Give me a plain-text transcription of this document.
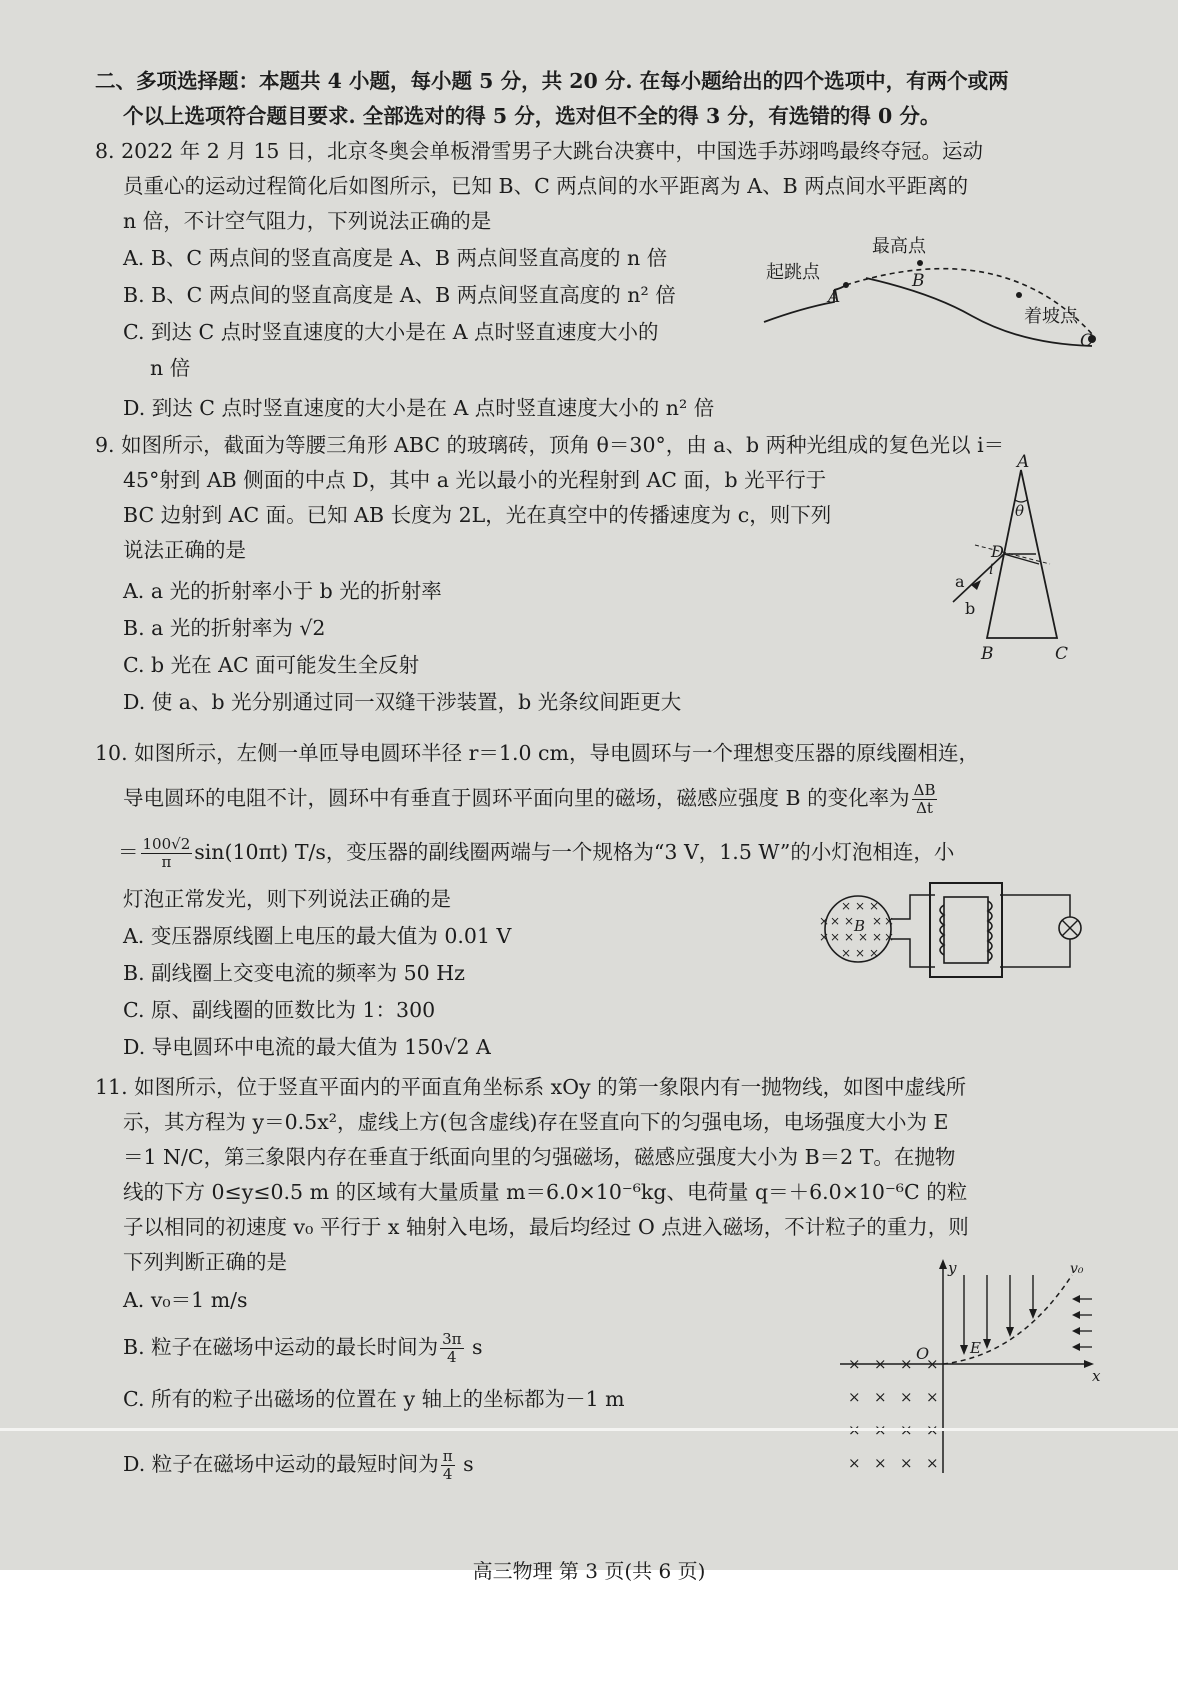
二、多项选择题：本题共 4 小题，每小题 5 分，共 20 分. 在每小题给出的四个选项中，有两个或两
个以上选项符合题目要求. 全部选对的得 5 分，选对但不全的得 3 分，有选错的得 0 分。
8. 2022 年 2 月 15 日，北京冬奥会单板滑雪男子大跳台决赛中，中国选手苏翊鸣最终夺冠。运动
员重心的运动过程简化后如图所示，已知 B、C 两点间的水平距离为 A、B 两点间水平距离的
n 倍，不计空气阻力，下列说法正确的是
A. B、C 两点间的竖直高度是 A、B 两点间竖直高度的 n 倍
B. B、C 两点间的竖直高度是 A、B 两点间竖直高度的 n² 倍
C. 到达 C 点时竖直速度的大小是在 A 点时竖直速度大小的
n 倍
D. 到达 C 点时竖直速度的大小是在 A 点时竖直速度大小的 n² 倍
起跳点
A
最高点
B
着坡点
C
9. 如图所示，截面为等腰三角形 ABC 的玻璃砖，顶角 θ＝30°，由 a、b 两种光组成的复色光以 i＝
45°射到 AB 侧面的中点 D，其中 a 光以最小的光程射到 AC 面，b 光平行于
BC 边射到 AC 面。已知 AB 长度为 2L，光在真空中的传播速度为 c，则下列
说法正确的是
A. a 光的折射率小于 b 光的折射率
B. a 光的折射率为 √2
C. b 光在 AC 面可能发生全反射
D. 使 a、b 光分别通过同一双缝干涉装置，b 光条纹间距更大
A
θ
D
i
a
b
B	C
10. 如图所示，左侧一单匝导电圆环半径 r＝1.0 cm，导电圆环与一个理想变压器的原线圈相连，
导电圆环的电阻不计，圆环中有垂直于圆环平面向里的磁场，磁感应强度 B 的变化率为 $\frac{\Delta B}{\Delta t}$
＝ $\frac{100√2}{\pi} \sin(10\pi t)$ T/s，变压器的副线圈两端与一个规格为“3 V，1.5 W”的小灯泡相连，小
灯泡正常发光，则下列说法正确的是
A. 变压器原线圈上电压的最大值为 0.01 V
B. 副线圈上交变电流的频率为 50 Hz
C. 原、副线圈的匝数比为 1：300
D. 导电圆环中电流的最大值为 150√2 A
× × ×
× × × ×
× × × × ×
× × ×
×
×
B
11. 如图所示，位于竖直平面内的平面直角坐标系 xOy 的第一象限内有一抛物线，如图中虚线所
示，其方程为 y＝0.5x²，虚线上方(包含虚线)存在竖直向下的匀强电场，电场强度大小为 E
＝1 N/C，第三象限内存在垂直于纸面向里的匀强磁场，磁感应强度大小为 B＝2 T。在抛物
线的下方 0≤y≤0.5 m 的区域有大量质量 m＝6.0×10⁻⁶kg、电荷量 q＝＋6.0×10⁻⁶C 的粒
子以相同的初速度 v₀ 平行于 x 轴射入电场，最后均经过 O 点进入磁场，不计粒子的重力，则
下列判断正确的是
A. v₀＝1 m/s
B. 粒子在磁场中运动的最长时间为 $\frac{3\pi}{4}$ s
C. 所有的粒子出磁场的位置在 y 轴上的坐标都为－1 m
D. 粒子在磁场中运动的最短时间为 $\frac{\pi}{4}$ s
y
x
O	E
v₀
× × × ×
× × × ×
× × × ×
高三物理 第 3 页(共 6 页)
